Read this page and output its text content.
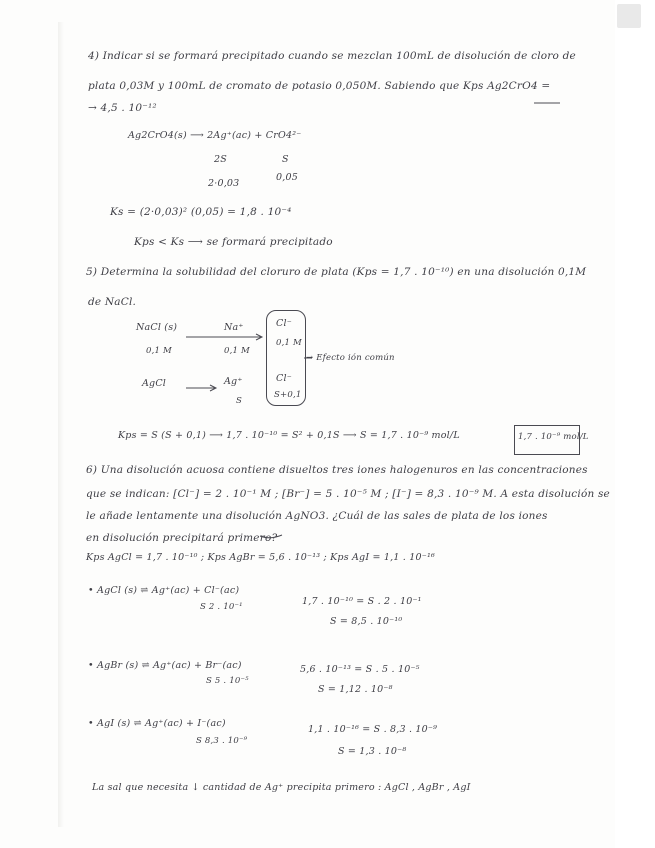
4) Indicar si se formará precipitado cuando se mezclan 100mL de disolución de cloro de
plata 0,03M y 100mL de cromato de potasio 0,050M. Sabiendo que Kps Ag2CrO4 =
→ 4,5 . 10⁻¹²
Ag2CrO4(s) ⟶ 2Ag⁺(ac) + CrO4²⁻
2S	S
2·0,03
0,05
Ks = (2·0,03)² (0,05) = 1,8 . 10⁻⁴
Kps < Ks ⟶ se formará precipitado
5) Determina la solubilidad del cloruro de plata (Kps = 1,7 . 10⁻¹⁰) en una disolución 0,1M
de NaCl.
NaCl (s)	Na⁺	Cl⁻
0,1 M	0,1 M
0,1 M
→ Efecto ión común
AgCl	Ag⁺	Cl⁻
S
S+0,1
Kps = S (S + 0,1) ⟶ 1,7 . 10⁻¹⁰ = S² + 0,1S ⟶ S = 1,7 . 10⁻⁹ mol/L	1,7 . 10⁻⁹ mol/L
6) Una disolución acuosa contiene disueltos tres iones halogenuros en las concentraciones
que se indican: [Cl⁻] = 2 . 10⁻¹ M ; [Br⁻] = 5 . 10⁻⁵ M ; [I⁻] = 8,3 . 10⁻⁹ M. A esta disolución se
le añade lentamente una disolución AgNO3. ¿Cuál de las sales de plata de los iones
en disolución precipitará primero?
Kps AgCl = 1,7 . 10⁻¹⁰ ; Kps AgBr = 5,6 . 10⁻¹³ ; Kps AgI = 1,1 . 10⁻¹⁶
• AgCl (s) ⇌ Ag⁺(ac) + Cl⁻(ac)
S 2 . 10⁻¹	1,7 . 10⁻¹⁰ = S . 2 . 10⁻¹
S = 8,5 . 10⁻¹⁰
• AgBr (s) ⇌ Ag⁺(ac) + Br⁻(ac)
S 5 . 10⁻⁵
5,6 . 10⁻¹³ = S . 5 . 10⁻⁵
S = 1,12 . 10⁻⁸
• AgI (s) ⇌ Ag⁺(ac) + I⁻(ac)
S 8,3 . 10⁻⁹
1,1 . 10⁻¹⁶ = S . 8,3 . 10⁻⁹
S = 1,3 . 10⁻⁸
La sal que necesita ↓ cantidad de Ag⁺ precipita primero : AgCl , AgBr , AgI
